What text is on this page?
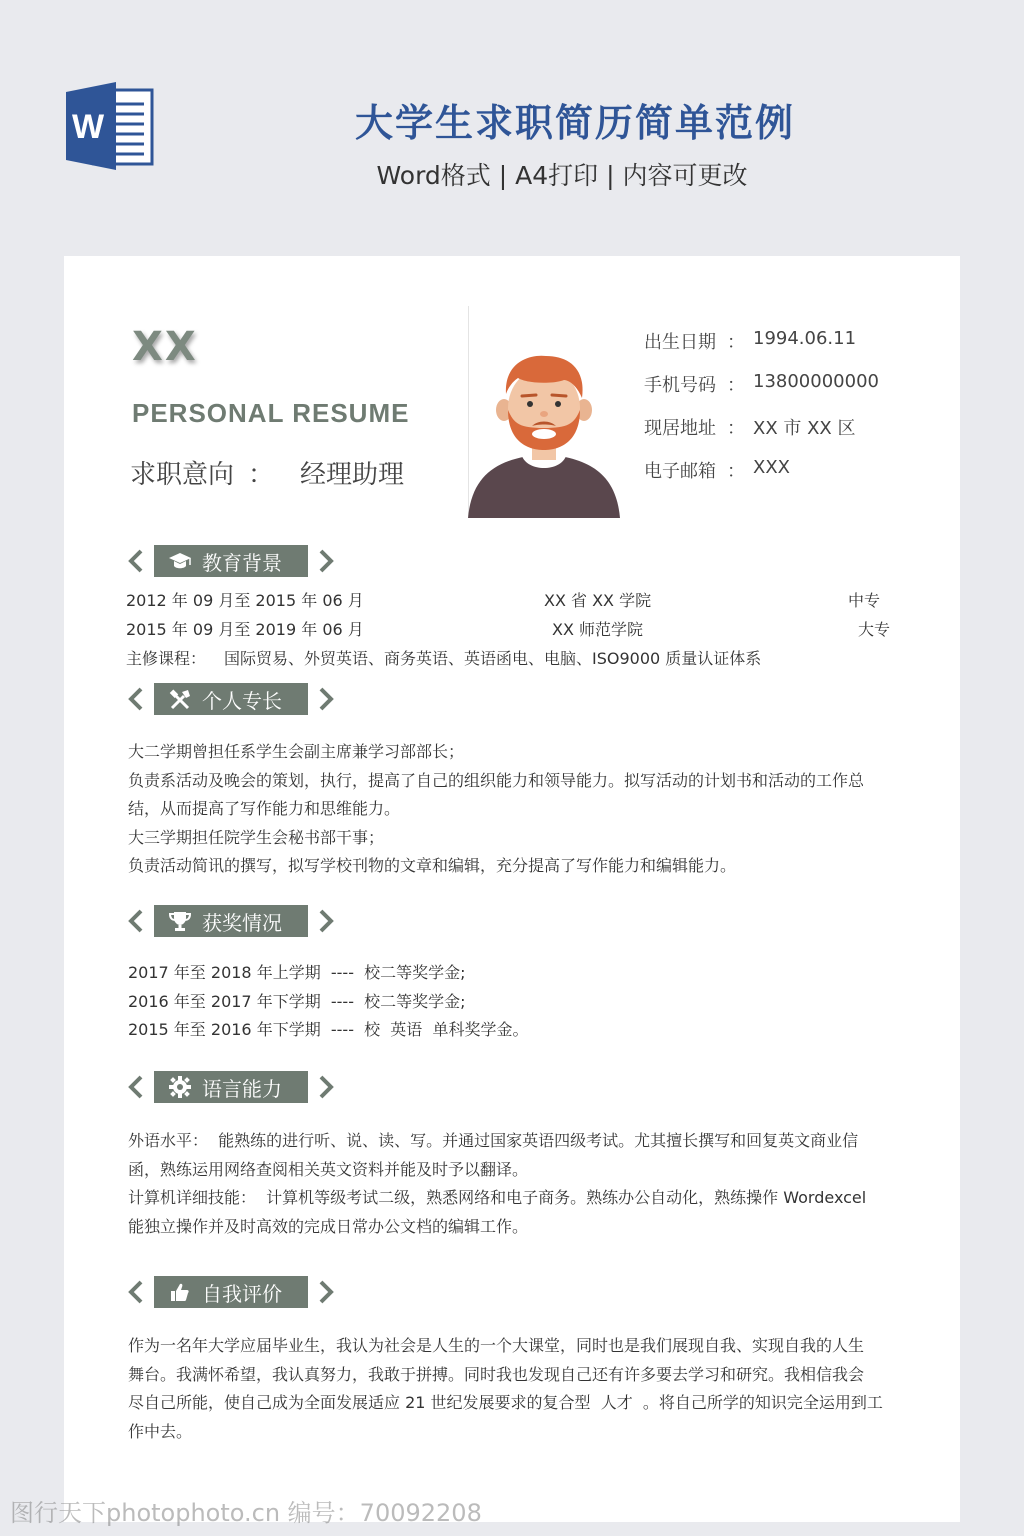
W	大学生求职简历简单范例
Word格式 | A4打印 | 内容可更改
XX
PERSONAL RESUME
求职意向 ： 经理助理
出生日期 ： 1994.06.11
手机号码 ： 13800000000
现居地址 ： XX 市 XX 区
电子邮箱 ： XXX
教育背景
2012 年 09 月至 2015 年 06 月	XX 省 XX 学院	中专
2015 年 09 月至 2019 年 06 月	XX 师范学院	大专
主修课程： 国际贸易、外贸英语、商务英语、英语函电、电脑、ISO9000 质量认证体系
个人专长
大二学期曾担任系学生会副主席兼学习部部长；
负责系活动及晚会的策划，执行，提高了自己的组织能力和领导能力。拟写活动的计划书和活动的工作总
结，从而提高了写作能力和思维能力。
大三学期担任院学生会秘书部干事；
负责活动简讯的撰写，拟写学校刊物的文章和编辑，充分提高了写作能力和编辑能力。
获奖情况
2017 年至 2018 年上学期  ----  校二等奖学金;
2016 年至 2017 年下学期  ----  校二等奖学金;
2015 年至 2016 年下学期  ----  校  英语  单科奖学金。
语言能力
外语水平：  能熟练的进行听、说、读、写。并通过国家英语四级考试。尤其擅长撰写和回复英文商业信
函，熟练运用网络查阅相关英文资料并能及时予以翻译。
计算机详细技能：  计算机等级考试二级，熟悉网络和电子商务。熟练办公自动化，熟练操作 Wordexcel
能独立操作并及时高效的完成日常办公文档的编辑工作。
自我评价
作为一名年大学应届毕业生，我认为社会是人生的一个大课堂，同时也是我们展现自我、实现自我的人生
舞台。我满怀希望，我认真努力，我敢于拼搏。同时我也发现自己还有许多要去学习和研究。我相信我会
尽自己所能，使自己成为全面发展适应 21 世纪发展要求的复合型  人才  。将自己所学的知识完全运用到工
作中去。
图行天下photophoto.cn 编号：70092208
